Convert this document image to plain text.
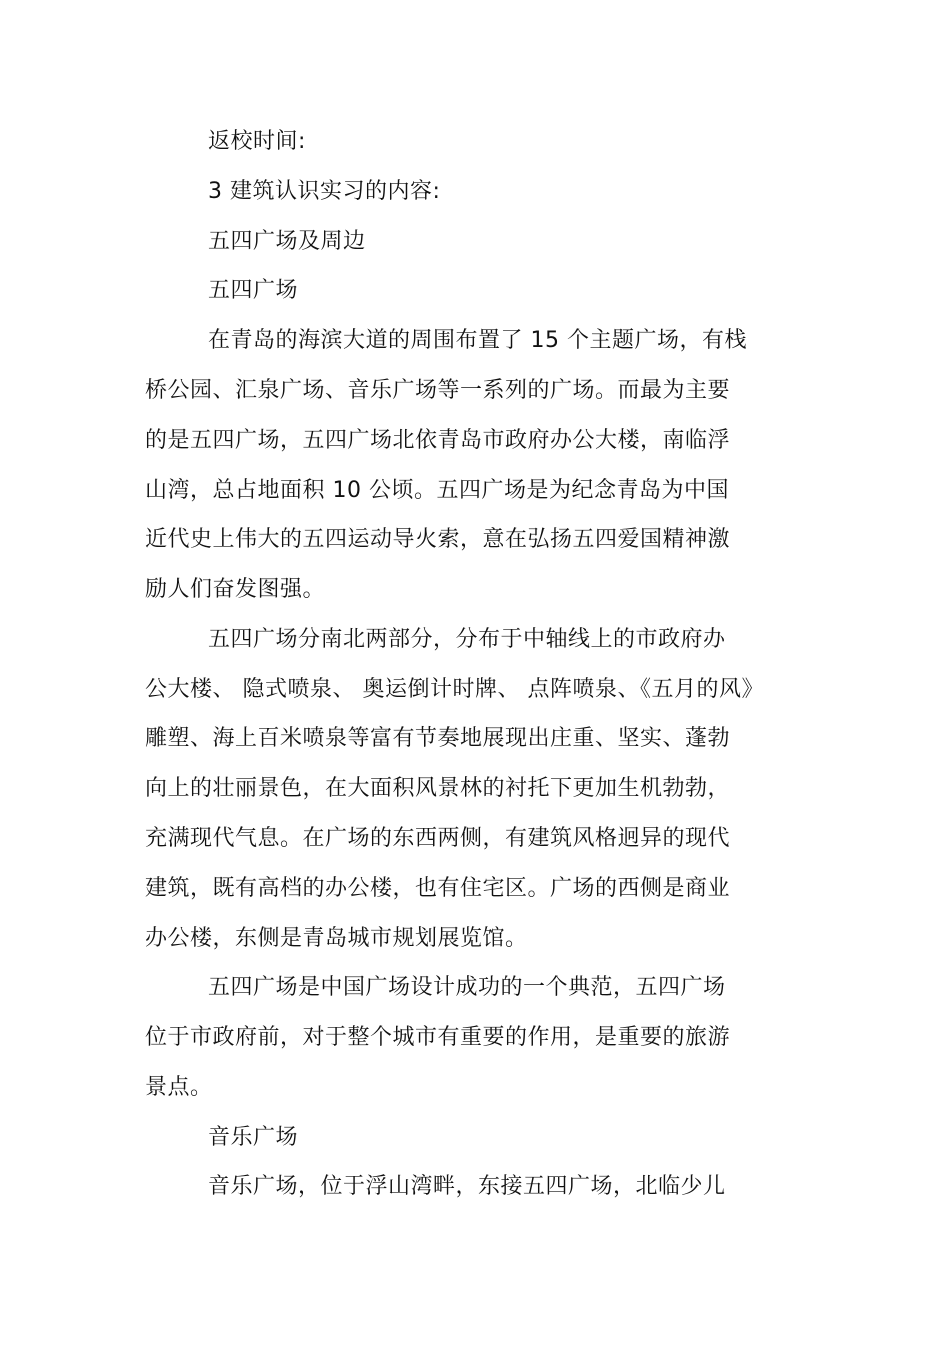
返校时间:
3 建筑认识实习的内容:
五四广场及周边
五四广场
在青岛的海滨大道的周围布置了 15 个主题广场，有栈
桥公园、汇泉广场、音乐广场等一系列的广场。而最为主要
的是五四广场，五四广场北依青岛市政府办公大楼，南临浮
山湾，总占地面积 10 公顷。五四广场是为纪念青岛为中国
近代史上伟大的五四运动导火索，意在弘扬五四爱国精神激
励人们奋发图强。
五四广场分南北两部分，分布于中轴线上的市政府办
公大楼、 隐式喷泉、 奥运倒计时牌、 点阵喷泉、《五月的风》
雕塑、海上百米喷泉等富有节奏地展现出庄重、坚实、蓬勃
向上的壮丽景色，在大面积风景林的衬托下更加生机勃勃，
充满现代气息。在广场的东西两侧，有建筑风格迥异的现代
建筑，既有高档的办公楼，也有住宅区。广场的西侧是商业
办公楼，东侧是青岛城市规划展览馆。
五四广场是中国广场设计成功的一个典范，五四广场
位于市政府前，对于整个城市有重要的作用，是重要的旅游
景点。
音乐广场
音乐广场，位于浮山湾畔，东接五四广场，北临少儿
